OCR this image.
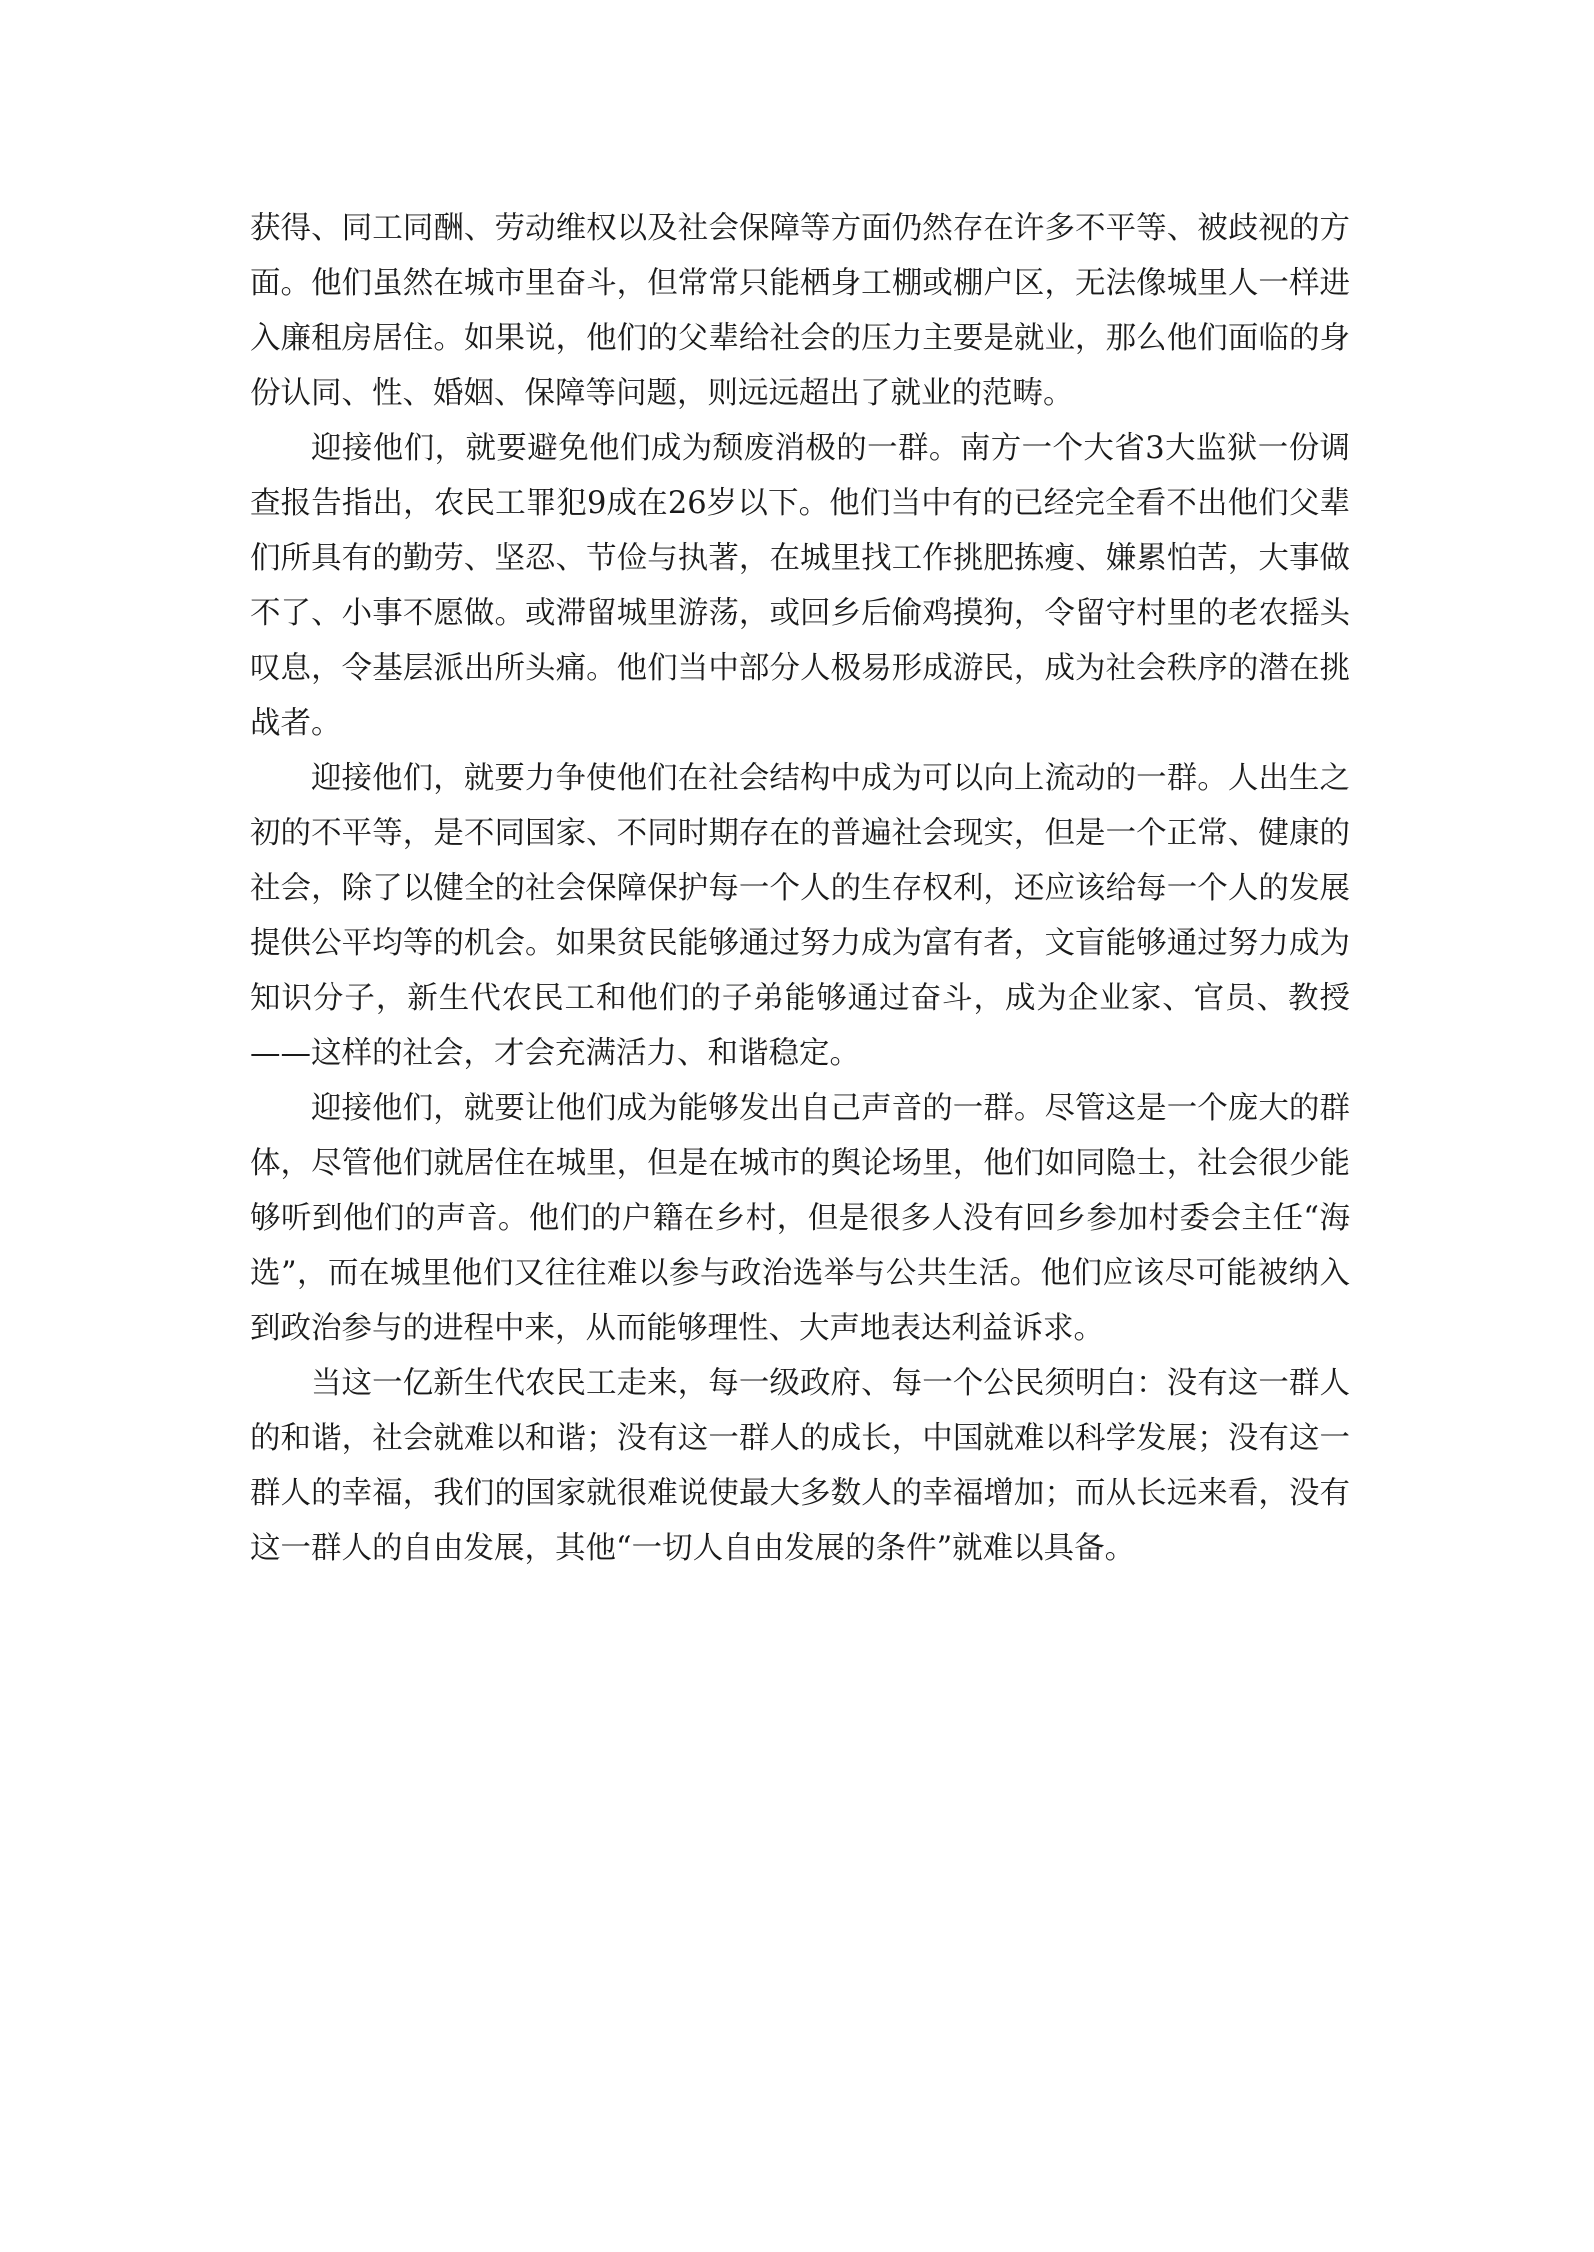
获得、同工同酬、劳动维权以及社会保障等方面仍然存在许多不平等、被歧视的方面。他们虽然在城市里奋斗，但常常只能栖身工棚或棚户区，无法像城里人一样进入廉租房居住。如果说，他们的父辈给社会的压力主要是就业，那么他们面临的身份认同、性、婚姻、保障等问题，则远远超出了就业的范畴。

迎接他们，就要避免他们成为颓废消极的一群。南方一个大省3大监狱一份调查报告指出，农民工罪犯9成在26岁以下。他们当中有的已经完全看不出他们父辈们所具有的勤劳、坚忍、节俭与执著，在城里找工作挑肥拣瘦、嫌累怕苦，大事做不了、小事不愿做。或滞留城里游荡，或回乡后偷鸡摸狗，令留守村里的老农摇头叹息，令基层派出所头痛。他们当中部分人极易形成游民，成为社会秩序的潜在挑战者。

迎接他们，就要力争使他们在社会结构中成为可以向上流动的一群。人出生之初的不平等，是不同国家、不同时期存在的普遍社会现实，但是一个正常、健康的社会，除了以健全的社会保障保护每一个人的生存权利，还应该给每一个人的发展提供公平均等的机会。如果贫民能够通过努力成为富有者，文盲能够通过努力成为知识分子，新生代农民工和他们的子弟能够通过奋斗，成为企业家、官员、教授——这样的社会，才会充满活力、和谐稳定。

迎接他们，就要让他们成为能够发出自己声音的一群。尽管这是一个庞大的群体，尽管他们就居住在城里，但是在城市的舆论场里，他们如同隐士，社会很少能够听到他们的声音。他们的户籍在乡村，但是很多人没有回乡参加村委会主任“海选”，而在城里他们又往往难以参与政治选举与公共生活。他们应该尽可能被纳入到政治参与的进程中来，从而能够理性、大声地表达利益诉求。

当这一亿新生代农民工走来，每一级政府、每一个公民须明白：没有这一群人的和谐，社会就难以和谐；没有这一群人的成长，中国就难以科学发展；没有这一群人的幸福，我们的国家就很难说使最大多数人的幸福增加；而从长远来看，没有这一群人的自由发展，其他“一切人自由发展的条件”就难以具备。
